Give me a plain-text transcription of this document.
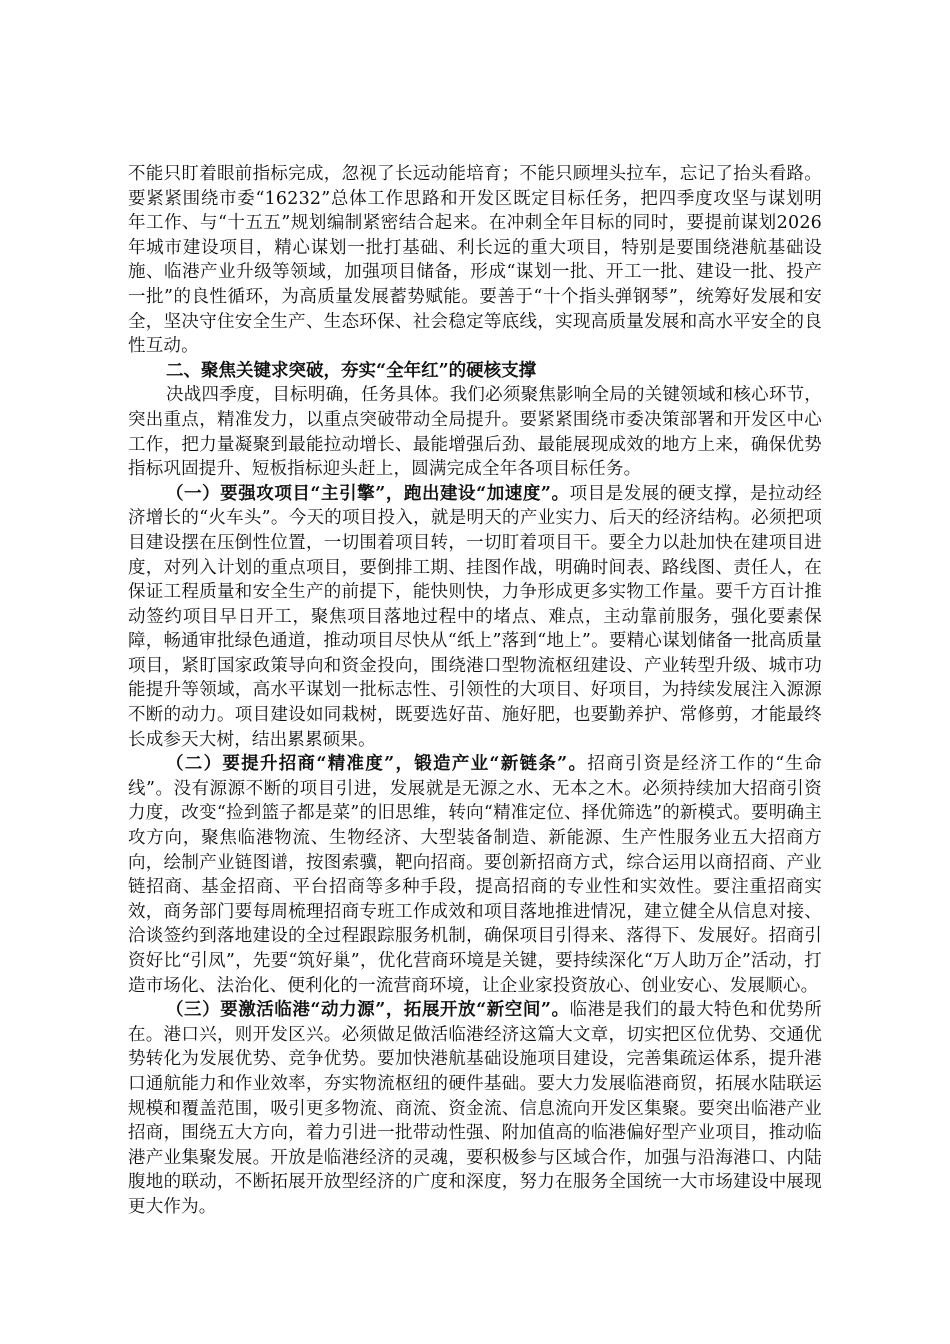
不能只盯着眼前指标完成，忽视了长远动能培育；不能只顾埋头拉车，忘记了抬头看路。要紧紧围绕市委“16232”总体工作思路和开发区既定目标任务，把四季度攻坚与谋划明年工作、与“十五五”规划编制紧密结合起来。在冲刺全年目标的同时，要提前谋划2026年城市建设项目，精心谋划一批打基础、利长远的重大项目，特别是要围绕港航基础设施、临港产业升级等领域，加强项目储备，形成“谋划一批、开工一批、建设一批、投产一批”的良性循环，为高质量发展蓄势赋能。要善于“十个指头弹钢琴”，统筹好发展和安全，坚决守住安全生产、生态环保、社会稳定等底线，实现高质量发展和高水平安全的良性互动。

二、聚焦关键求突破，夯实“全年红”的硬核支撑

决战四季度，目标明确，任务具体。我们必须聚焦影响全局的关键领域和核心环节，突出重点，精准发力，以重点突破带动全局提升。要紧紧围绕市委决策部署和开发区中心工作，把力量凝聚到最能拉动增长、最能增强后劲、最能展现成效的地方上来，确保优势指标巩固提升、短板指标迎头赶上，圆满完成全年各项目标任务。

（一）要强攻项目“主引擎”，跑出建设“加速度”。项目是发展的硬支撑，是拉动经济增长的“火车头”。今天的项目投入，就是明天的产业实力、后天的经济结构。必须把项目建设摆在压倒性位置，一切围着项目转，一切盯着项目干。要全力以赴加快在建项目进度，对列入计划的重点项目，要倒排工期、挂图作战，明确时间表、路线图、责任人，在保证工程质量和安全生产的前提下，能快则快，力争形成更多实物工作量。要千方百计推动签约项目早日开工，聚焦项目落地过程中的堵点、难点，主动靠前服务，强化要素保障，畅通审批绿色通道，推动项目尽快从“纸上”落到“地上”。要精心谋划储备一批高质量项目，紧盯国家政策导向和资金投向，围绕港口型物流枢纽建设、产业转型升级、城市功能提升等领域，高水平谋划一批标志性、引领性的大项目、好项目，为持续发展注入源源不断的动力。项目建设如同栽树，既要选好苗、施好肥，也要勤养护、常修剪，才能最终长成参天大树，结出累累硕果。

（二）要提升招商“精准度”，锻造产业“新链条”。招商引资是经济工作的“生命线”。没有源源不断的项目引进，发展就是无源之水、无本之木。必须持续加大招商引资力度，改变“捡到篮子都是菜”的旧思维，转向“精准定位、择优筛选”的新模式。要明确主攻方向，聚焦临港物流、生物经济、大型装备制造、新能源、生产性服务业五大招商方向，绘制产业链图谱，按图索骥，靶向招商。要创新招商方式，综合运用以商招商、产业链招商、基金招商、平台招商等多种手段，提高招商的专业性和实效性。要注重招商实效，商务部门要每周梳理招商专班工作成效和项目落地推进情况，建立健全从信息对接、洽谈签约到落地建设的全过程跟踪服务机制，确保项目引得来、落得下、发展好。招商引资好比“引凤”，先要“筑好巢”，优化营商环境是关键，要持续深化“万人助万企”活动，打造市场化、法治化、便利化的一流营商环境，让企业家投资放心、创业安心、发展顺心。

（三）要激活临港“动力源”，拓展开放“新空间”。临港是我们的最大特色和优势所在。港口兴，则开发区兴。必须做足做活临港经济这篇大文章，切实把区位优势、交通优势转化为发展优势、竞争优势。要加快港航基础设施项目建设，完善集疏运体系，提升港口通航能力和作业效率，夯实物流枢纽的硬件基础。要大力发展临港商贸，拓展水陆联运规模和覆盖范围，吸引更多物流、商流、资金流、信息流向开发区集聚。要突出临港产业招商，围绕五大方向，着力引进一批带动性强、附加值高的临港偏好型产业项目，推动临港产业集聚发展。开放是临港经济的灵魂，要积极参与区域合作，加强与沿海港口、内陆腹地的联动，不断拓展开放型经济的广度和深度，努力在服务全国统一大市场建设中展现更大作为。
